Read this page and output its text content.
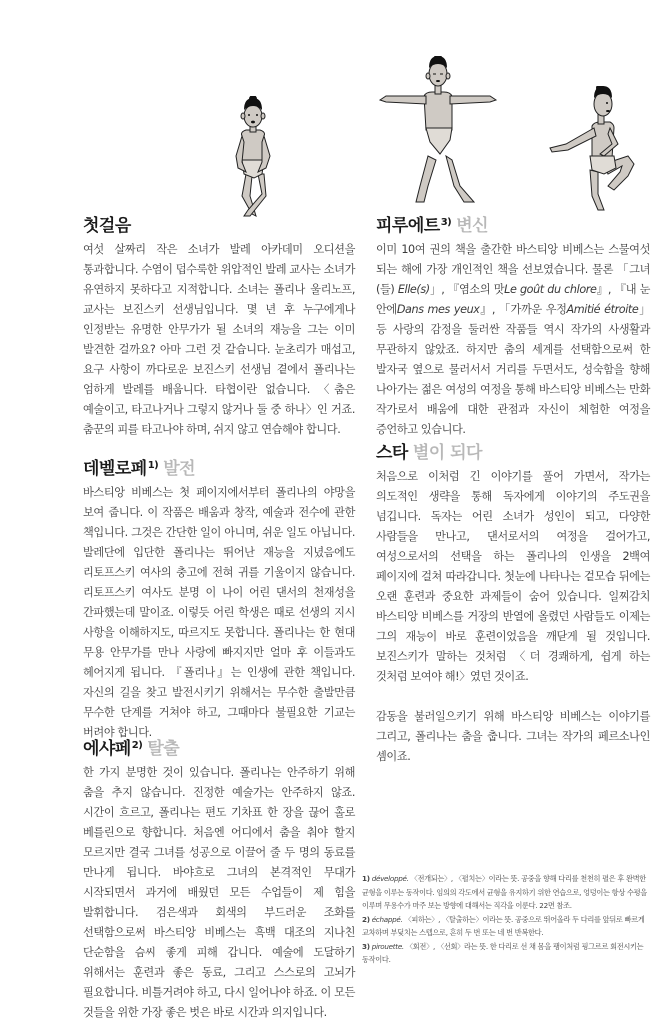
첫걸음

여섯 살짜리 작은 소녀가 발레 아카데미 오디션을 통과합니다. 수염이 덥수룩한 위압적인 발레 교사는 소녀가 유연하지 못하다고 지적합니다. 소녀는 폴리나 울리노프, 교사는 보진스키 선생님입니다. 몇 년 후 누구에게나 인정받는 유명한 안무가가 될 소녀의 재능을 그는 이미 발견한 걸까요? 아마 그런 것 같습니다. 눈초리가 매섭고, 요구 사항이 까다로운 보진스키 선생님 곁에서 폴리나는 엄하게 발레를 배웁니다. 타협이란 없습니다. 〈춤은 예술이고, 타고나거나 그렇지 않거나 둘 중 하나〉인 거죠. 춤꾼의 피를 타고나야 하며, 쉬지 않고 연습해야 합니다.

피루에트$^{3)}$ 변신

이미 10여 권의 책을 출간한 바스티앙 비베스는 스물여섯 되는 해에 가장 개인적인 책을 선보였습니다. 물론 「그녀(들) Elle(s)」, 『염소의 맛Le goût du chlore』, 『내 눈 안에Dans mes yeux』, 「가까운 우정Amitié étroite」 등 사랑의 감정을 둘러싼 작품들 역시 작가의 사생활과 무관하지 않았죠. 하지만 춤의 세계를 선택함으로써 한 발자국 옆으로 물러서서 거리를 두면서도, 성숙함을 향해 나아가는 젊은 여성의 여정을 통해 바스티앙 비베스는 만화 작가로서 배움에 대한 관점과 자신이 체험한 여정을 증언하고 있습니다.

데벨로페$^{1)}$ 발전

바스티앙 비베스는 첫 페이지에서부터 폴리나의 야망을 보여 줍니다. 이 작품은 배움과 창작, 예술과 전수에 관한 책입니다. 그것은 간단한 일이 아니며, 쉬운 일도 아닙니다. 발레단에 입단한 폴리나는 뛰어난 재능을 지녔음에도 리토프스키 여사의 충고에 전혀 귀를 기울이지 않습니다. 리토프스키 여사도 분명 이 나이 어린 댄서의 천재성을 간파했는데 말이죠. 이렇듯 어린 학생은 때로 선생의 지시 사항을 이해하지도, 따르지도 못합니다. 폴리나는 한 현대 무용 안무가를 만나 사랑에 빠지지만 얼마 후 이들과도 헤어지게 됩니다. 『폴리나』는 인생에 관한 책입니다. 자신의 길을 찾고 발전시키기 위해서는 무수한 출발만큼 무수한 단계를 거쳐야 하고, 그때마다 불필요한 기교는 버려야 합니다.

스타 별이 되다

처음으로 이처럼 긴 이야기를 풀어 가면서, 작가는 의도적인 생략을 통해 독자에게 이야기의 주도권을 넘깁니다. 독자는 어린 소녀가 성인이 되고, 다양한 사람들을 만나고, 댄서로서의 여정을 걸어가고, 여성으로서의 선택을 하는 폴리나의 인생을 2백여 페이지에 걸쳐 따라갑니다. 첫눈에 나타나는 겉모습 뒤에는 오랜 훈련과 중요한 과제들이 숨어 있습니다. 일찌감치 바스티앙 비베스를 거장의 반열에 올렸던 사람들도 이제는 그의 재능이 바로 훈련이었음을 깨닫게 될 것입니다. 보진스키가 말하는 것처럼 〈더 경쾌하게, 쉽게 하는 것처럼 보여야 해!〉였던 것이죠.

감동을 불러일으키기 위해 바스티앙 비베스는 이야기를 그리고, 폴리나는 춤을 춥니다. 그녀는 작가의 페르소나인 셈이죠.

에샤페$^{2)}$ 탈출

한 가지 분명한 것이 있습니다. 폴리나는 안주하기 위해 춤을 추지 않습니다. 진정한 예술가는 안주하지 않죠. 시간이 흐르고, 폴리나는 편도 기차표 한 장을 끊어 홀로 베를린으로 향합니다. 처음엔 어디에서 춤을 춰야 할지 모르지만 결국 그녀를 성공으로 이끌어 줄 두 명의 동료를 만나게 됩니다. 바야흐로 그녀의 본격적인 무대가 시작되면서 과거에 배웠던 모든 수업들이 제 힘을 발휘합니다. 검은색과 회색의 부드러운 조화를 선택함으로써 바스티앙 비베스는 흑백 대조의 지나친 단순함을 슴씨 좋게 피해 갑니다. 예술에 도달하기 위해서는 훈련과 좋은 동료, 그리고 스스로의 고뇌가 필요합니다. 비틀거려야 하고, 다시 일어나야 하죠. 이 모든 것들을 위한 가장 좋은 벗은 바로 시간과 의지입니다.

1) développé. 〈전개되는〉, 〈펼치는〉이라는 뜻. 공중을 향해 다리를 천천히 펼은 후 완벽한 균형을 이루는 동작이다. 임의의 각도에서 균형을 유지하기 위한 연습으로, 엉덩이는 항상 수평을 이루며 무용수가 마주 보는 방향에 대해서는 직각을 이룬다. 22면 참조.

2) échappé. 〈피하는〉, 〈탈출하는〉이라는 뜻. 공중으로 뛰어올라 두 다리를 앞뒤로 빠르게 교차하며 부딪치는 스텝으로, 흔히 두 번 또는 네 번 반복한다.

3) pirouette. 〈회전〉, 〈선회〉라는 뜻. 한 다리로 선 채 몸을 팽이처럼 핑그르르 회전시키는 동작이다.
